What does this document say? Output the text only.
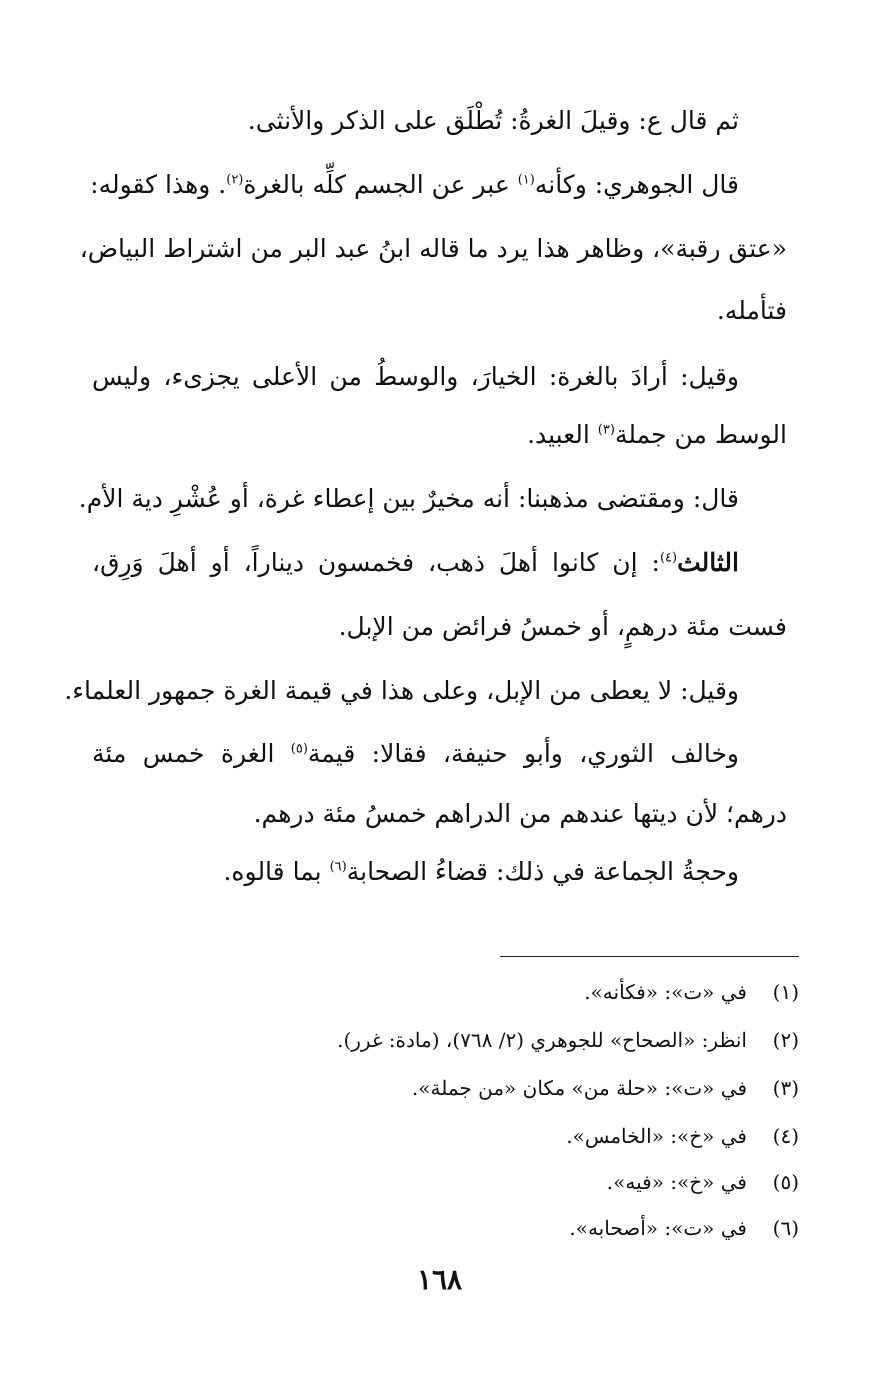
ثم قال ع: وقيلَ الغرةُ: تُطْلَق على الذكر والأنثى.
قال الجوهري: وكأنه$^{(١)}$ عبر عن الجسم كلِّه بالغرة$^{(٢)}$. وهذا كقوله:
«عتق رقبة»، وظاهر هذا يرد ما قاله ابنُ عبد البر من اشتراط البياض،
فتأمله.
وقيل: أرادَ بالغرة: الخيارَ، والوسطُ من الأعلى يجزىء، وليس
الوسط من جملة$^{(٣)}$ العبيد.
قال: ومقتضى مذهبنا: أنه مخيرٌ بين إعطاء غرة، أو عُشْرِ دية الأم.
الثالث$^{(٤)}$: إن كانوا أهلَ ذهب، فخمسون ديناراً، أو أهلَ وَرِق،
فست مئة درهمٍ، أو خمسُ فرائض من الإبل.
وقيل: لا يعطى من الإبل، وعلى هذا في قيمة الغرة جمهور العلماء.
وخالف الثوري، وأبو حنيفة، فقالا: قيمة$^{(٥)}$ الغرة خمس مئة
درهم؛ لأن ديتها عندهم من الدراهم خمسُ مئة درهم.
وحجةُ الجماعة في ذلك: قضاءُ الصحابة$^{(٦)}$ بما قالوه.
(١)في «ت»: «فكأنه».
(٢)انظر: «الصحاح» للجوهري (٢/ ٧٦٨)، (مادة: غرر).
(٣)في «ت»: «حلة من» مكان «من جملة».
(٤)في «خ»: «الخامس».
(٥)في «خ»: «فيه».
(٦)في «ت»: «أصحابه».
١٦٨
